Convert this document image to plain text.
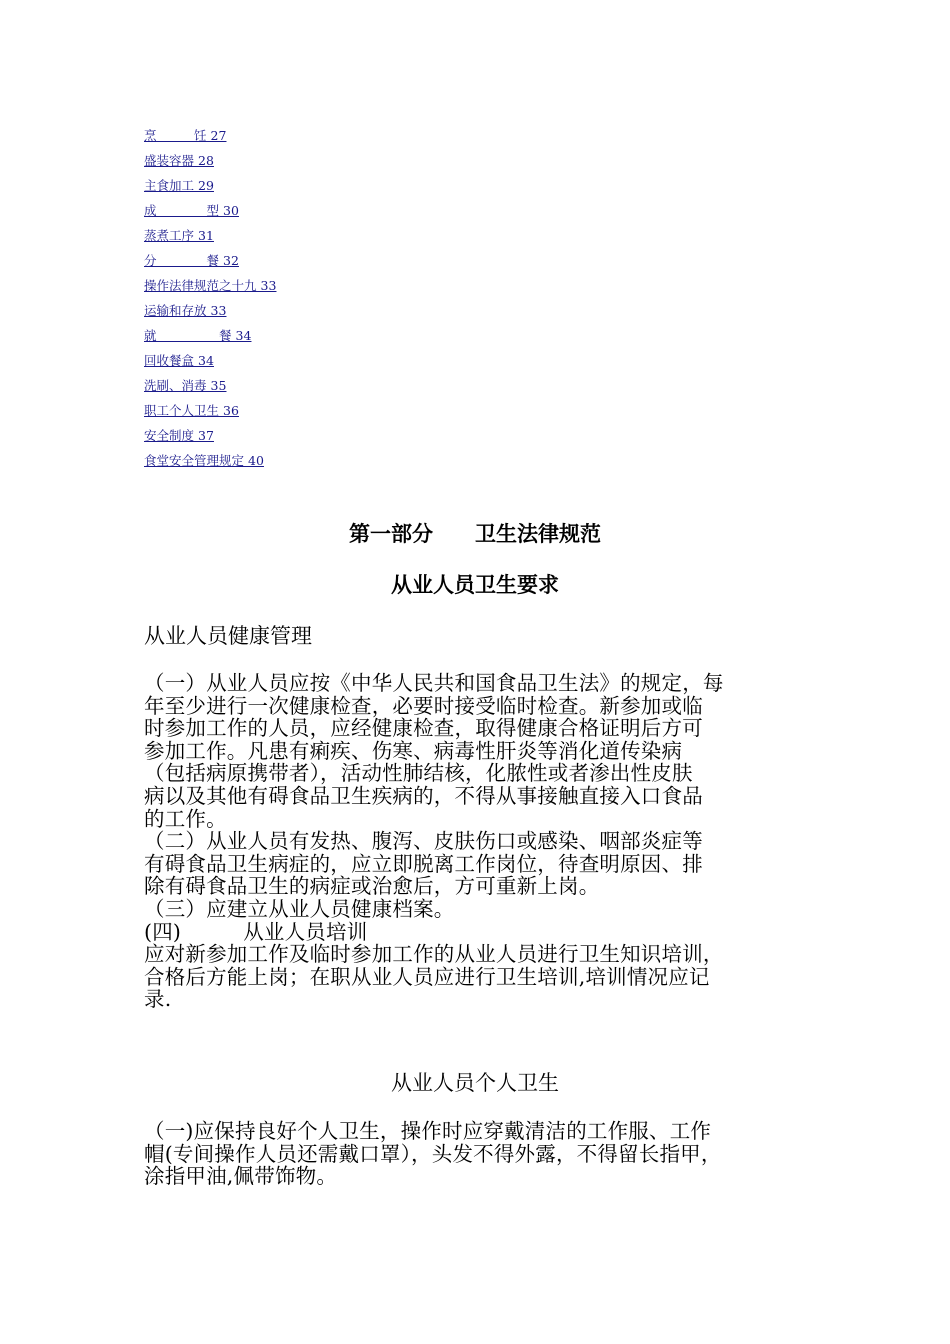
烹　　　饪 27
盛装容器 28
主食加工 29
成　　　　型 30
蒸煮工序 31
分　　　　餐 32
操作法律规范之十九 33
运输和存放 33
就　　　　　餐 34
回收餐盒 34
洗刷、消毒 35
职工个人卫生 36
安全制度 37
食堂安全管理规定 40
第一部分　　卫生法律规范
从业人员卫生要求
从业人员健康管理

（一）从业人员应按《中华人民共和国食品卫生法》的规定，每

年至少进行一次健康检查，必要时接受临时检查。新参加或临

时参加工作的人员，应经健康检查，取得健康合格证明后方可

参加工作。凡患有痢疾、伤寒、病毒性肝炎等消化道传染病

（包括病原携带者），活动性肺结核，化脓性或者渗出性皮肤

病以及其他有碍食品卫生疾病的，不得从事接触直接入口食品

的工作。

（二）从业人员有发热、腹泻、皮肤伤口或感染、咽部炎症等

有碍食品卫生病症的，应立即脱离工作岗位，待查明原因、排

除有碍食品卫生的病症或治愈后，方可重新上岗。

（三）应建立从业人员健康档案。

(四)　　　从业人员培训

应对新参加工作及临时参加工作的从业人员进行卫生知识培训，

合格后方能上岗；在职从业人员应进行卫生培训,培训情况应记

录.

从业人员个人卫生

（一)应保持良好个人卫生，操作时应穿戴清洁的工作服、工作

帽(专间操作人员还需戴口罩），头发不得外露，不得留长指甲，

涂指甲油,佩带饰物。
